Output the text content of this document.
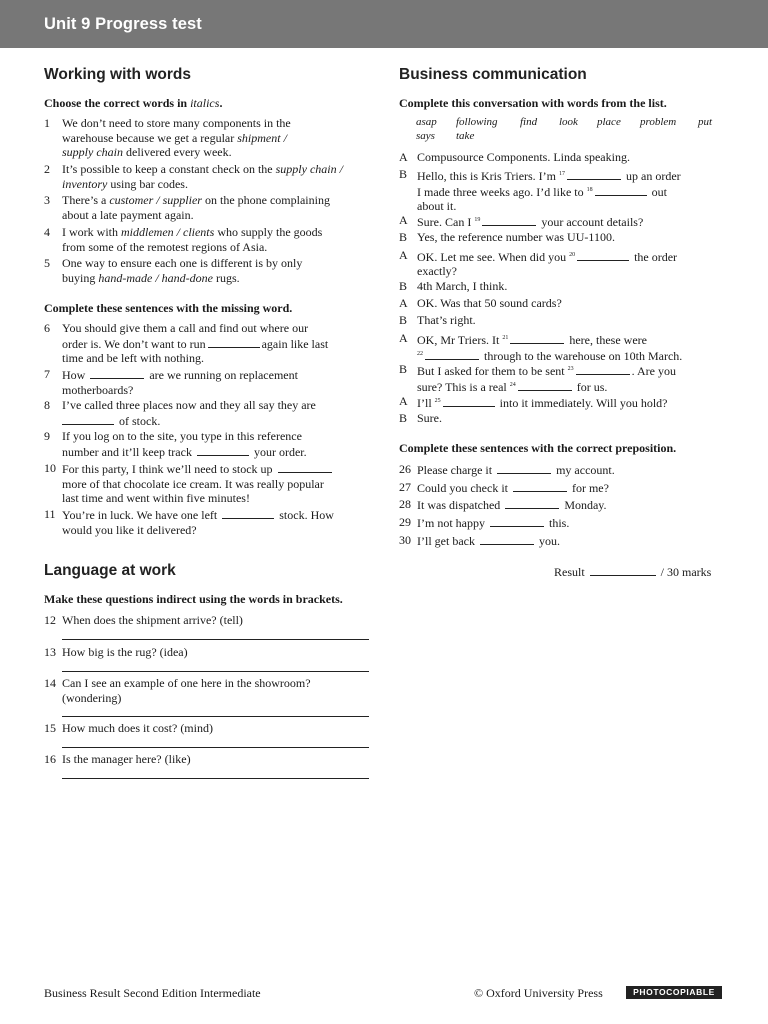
Unit 9 Progress test
Working with words
Choose the correct words in italics.
1 We don’t need to store many components in the
warehouse because we get a regular shipment /
supply chain delivered every week.
2 It’s possible to keep a constant check on the supply chain /
inventory using bar codes.
3 There’s a customer / supplier on the phone complaining
about a late payment again.
4 I work with middlemen / clients who supply the goods
from some of the remotest regions of Asia.
5 One way to ensure each one is different is by only
buying hand-made / hand-done rugs.
Complete these sentences with the missing word.
6 You should give them a call and find out where our
order is. We don’t want to run	again like last
time and be left with nothing.
7 How	are we running on replacement
motherboards?
8 I’ve called three places now and they all say they are
of stock.
9 If you log on to the site, you type in this reference
number and it’ll keep track	your order.
10 For this party, I think we’ll need to stock up
more of that chocolate ice cream. It was really popular
last time and went within five minutes!
11 You’re in luck. We have one left	stock. How
would you like it delivered?
Language at work
Make these questions indirect using the words in brackets.
12 When does the shipment arrive? (tell)
13 How big is the rug? (idea)
14 Can I see an example of one here in the showroom?
(wondering)
15 How much does it cost? (mind)
16 Is the manager here? (like)
Business communication
Complete this conversation with words from the list.
asap following find look place problem put
says take
A Compusource Components. Linda speaking.
B Hello, this is Kris Triers. I’m $^{17}$	up an order
I made three weeks ago. I’d like to $^{18}$	out
about it.
A Sure. Can I $^{19}$	your account details?
B Yes, the reference number was UU-1100.
A OK. Let me see. When did you $^{20}$	the order
exactly?
B 4th March, I think.
A OK. Was that 50 sound cards?
B That’s right.
A OK, Mr Triers. It $^{21}$	here, these were
$^{22}$	through to the warehouse on 10th March.
B But I asked for them to be sent $^{23}$	. Are you
sure? This is a real $^{24}$	for us.
A I’ll $^{25}$	into it immediately. Will you hold?
B Sure.
Complete these sentences with the correct preposition.
26 Please charge it	my account.
27 Could you check it	for me?
28 It was dispatched	Monday.
29 I’m not happy	this.
30 I’ll get back	you.
Result	/ 30 marks
Business Result Second Edition Intermediate	© Oxford University Press	PHOTOCOPIABLE
